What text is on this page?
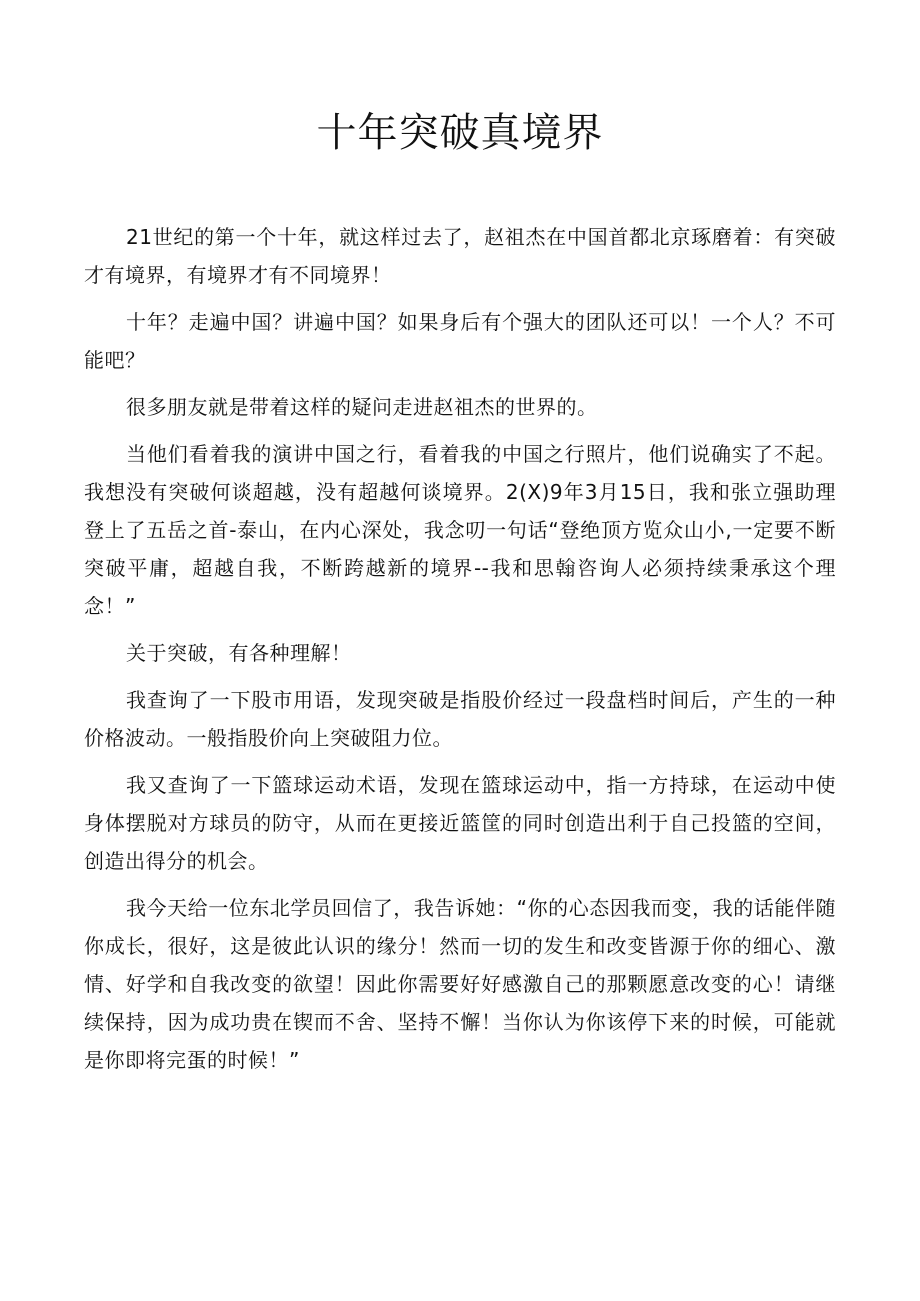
十年突破真境界

21世纪的第一个十年，就这样过去了，赵祖杰在中国首都北京琢磨着：有突破才有境界，有境界才有不同境界！

十年？走遍中国？讲遍中国？如果身后有个强大的团队还可以！一个人？不可能吧？

很多朋友就是带着这样的疑问走进赵祖杰的世界的。

当他们看着我的演讲中国之行，看着我的中国之行照片，他们说确实了不起。我想没有突破何谈超越，没有超越何谈境界。2(X)9年3月15日，我和张立强助理登上了五岳之首-泰山，在内心深处，我念叨一句话“登绝顶方览众山小,一定要不断突破平庸，超越自我，不断跨越新的境界--我和思翰咨询人必须持续秉承这个理念！”

关于突破，有各种理解！

我查询了一下股市用语，发现突破是指股价经过一段盘档时间后，产生的一种价格波动。一般指股价向上突破阻力位。

我又查询了一下篮球运动术语，发现在篮球运动中，指一方持球，在运动中使身体摆脱对方球员的防守，从而在更接近篮筐的同时创造出利于自己投篮的空间，创造出得分的机会。

我今天给一位东北学员回信了，我告诉她：“你的心态因我而变，我的话能伴随你成长，很好，这是彼此认识的缘分！然而一切的发生和改变皆源于你的细心、激情、好学和自我改变的欲望！因此你需要好好感激自己的那颗愿意改变的心！请继续保持，因为成功贵在锲而不舍、坚持不懈！当你认为你该停下来的时候，可能就是你即将完蛋的时候！”
